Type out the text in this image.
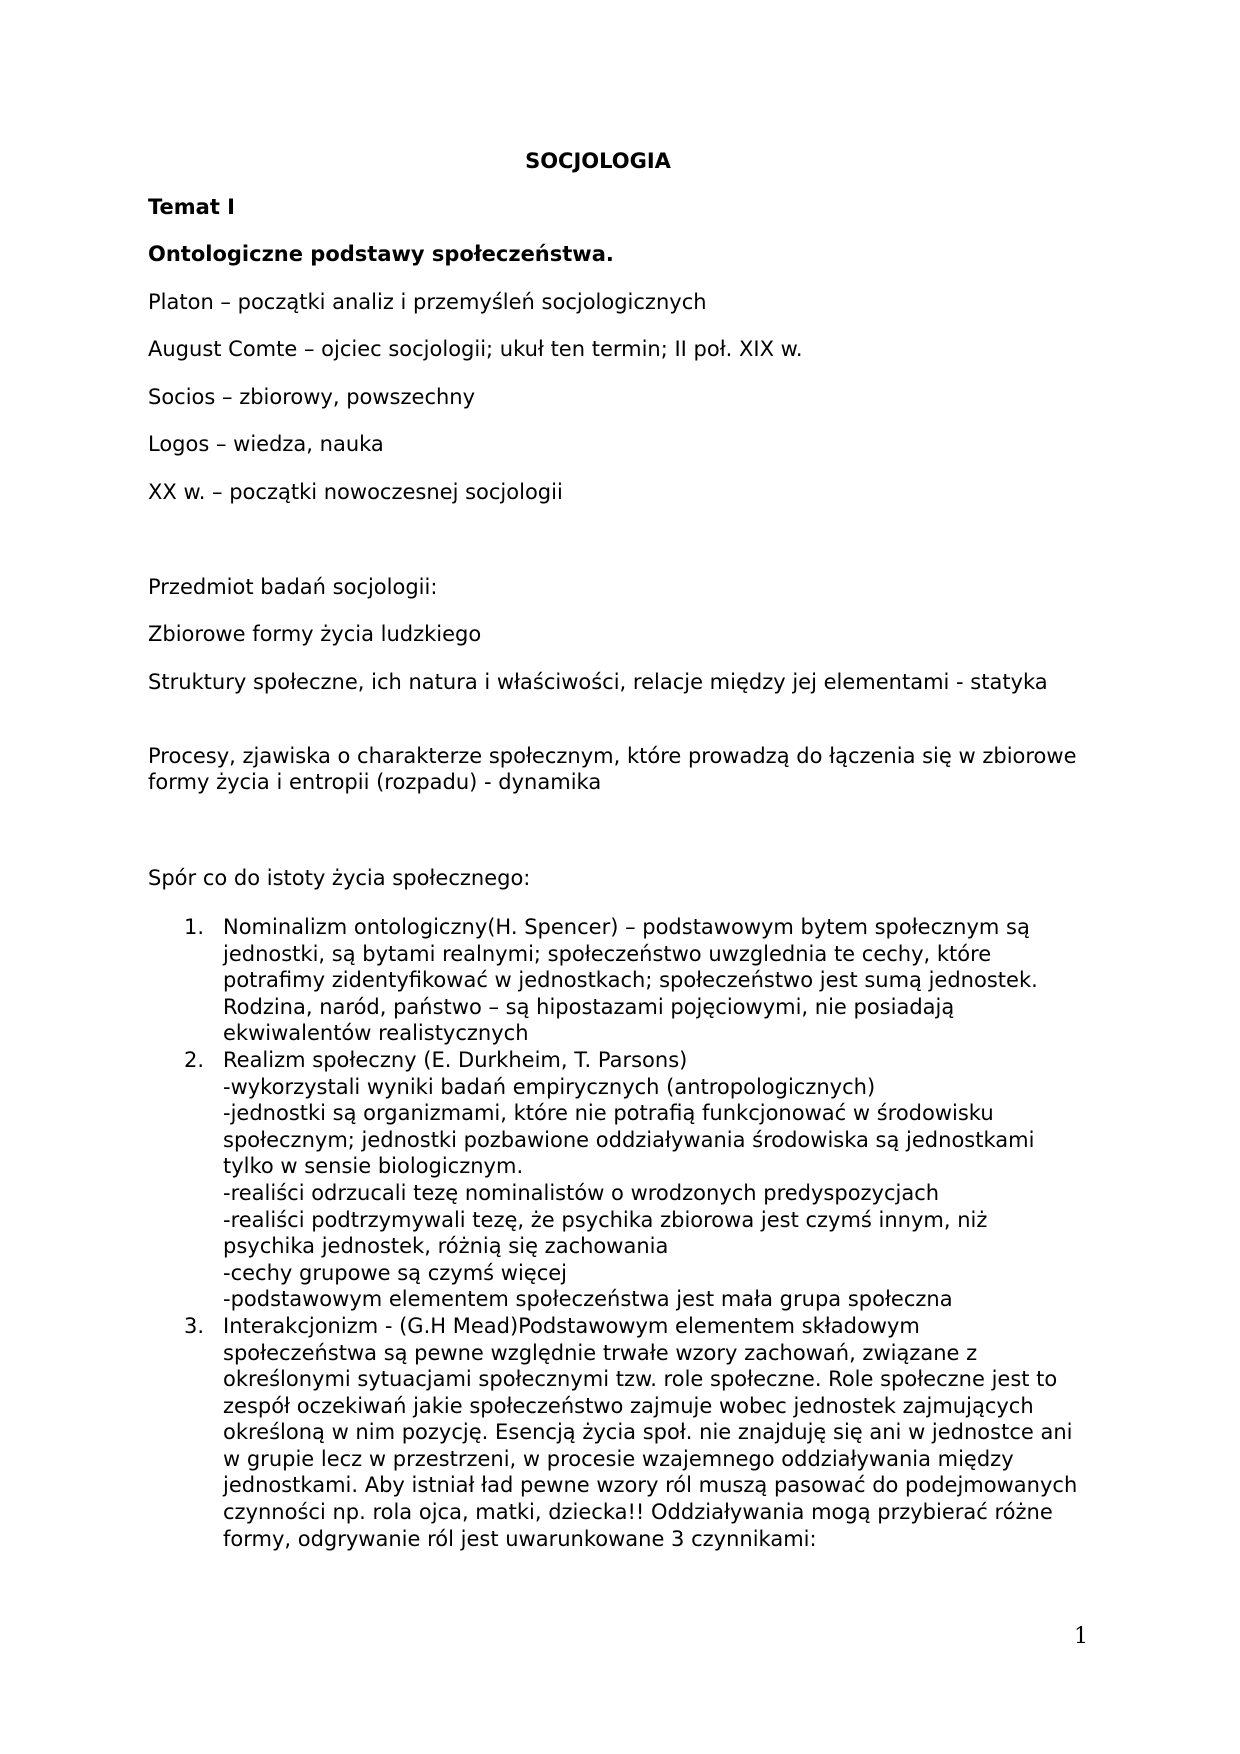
SOCJOLOGIA

Temat I

Ontologiczne podstawy społeczeństwa.

Platon – początki analiz i przemyśleń socjologicznych

August Comte – ojciec socjologii; ukuł ten termin; II poł. XIX w.

Socios – zbiorowy, powszechny

Logos – wiedza, nauka

XX w. – początki nowoczesnej socjologii

Przedmiot badań socjologii:

Zbiorowe formy życia ludzkiego

Struktury społeczne, ich natura i właściwości, relacje między jej elementami - statyka

Procesy, zjawiska o charakterze społecznym, które prowadzą do łączenia się w zbiorowe formy życia i entropii (rozpadu) - dynamika

Spór co do istoty życia społecznego:

1. Nominalizm ontologiczny(H. Spencer) – podstawowym bytem społecznym są jednostki, są bytami realnymi; społeczeństwo uwzglednia te cechy, które potrafimy zidentyfikować w jednostkach; społeczeństwo jest sumą jednostek. Rodzina, naród, państwo – są hipostazami pojęciowymi, nie posiadają ekwiwalentów realistycznych
2. Realizm społeczny (E. Durkheim, T. Parsons)
-wykorzystali wyniki badań empirycznych (antropologicznych)
-jednostki są organizmami, które nie potrafią funkcjonować w środowisku społecznym; jednostki pozbawione oddziaływania środowiska są jednostkami tylko w sensie biologicznym.
-realiści odrzucali tezę nominalistów o wrodzonych predyspozycjach
-realiści podtrzymywali tezę, że psychika zbiorowa jest czymś innym, niż psychika jednostek, różnią się zachowania
-cechy grupowe są czymś więcej
-podstawowym elementem społeczeństwa jest mała grupa społeczna
3. Interakcjonizm - (G.H Mead)Podstawowym elementem składowym społeczeństwa są pewne względnie trwałe wzory zachowań, związane z określonymi sytuacjami społecznymi tzw. role społeczne. Role społeczne jest to zespół oczekiwań jakie społeczeństwo zajmuje wobec jednostek zajmujących określoną w nim pozycję. Esencją życia społ. nie znajduję się ani w jednostce ani w grupie lecz w przestrzeni, w procesie wzajemnego oddziaływania między jednostkami. Aby istniał ład pewne wzory ról muszą pasować do podejmowanych czynności np. rola ojca, matki, dziecka!! Oddziaływania mogą przybierać różne formy, odgrywanie ról jest uwarunkowane 3 czynnikami:
1
